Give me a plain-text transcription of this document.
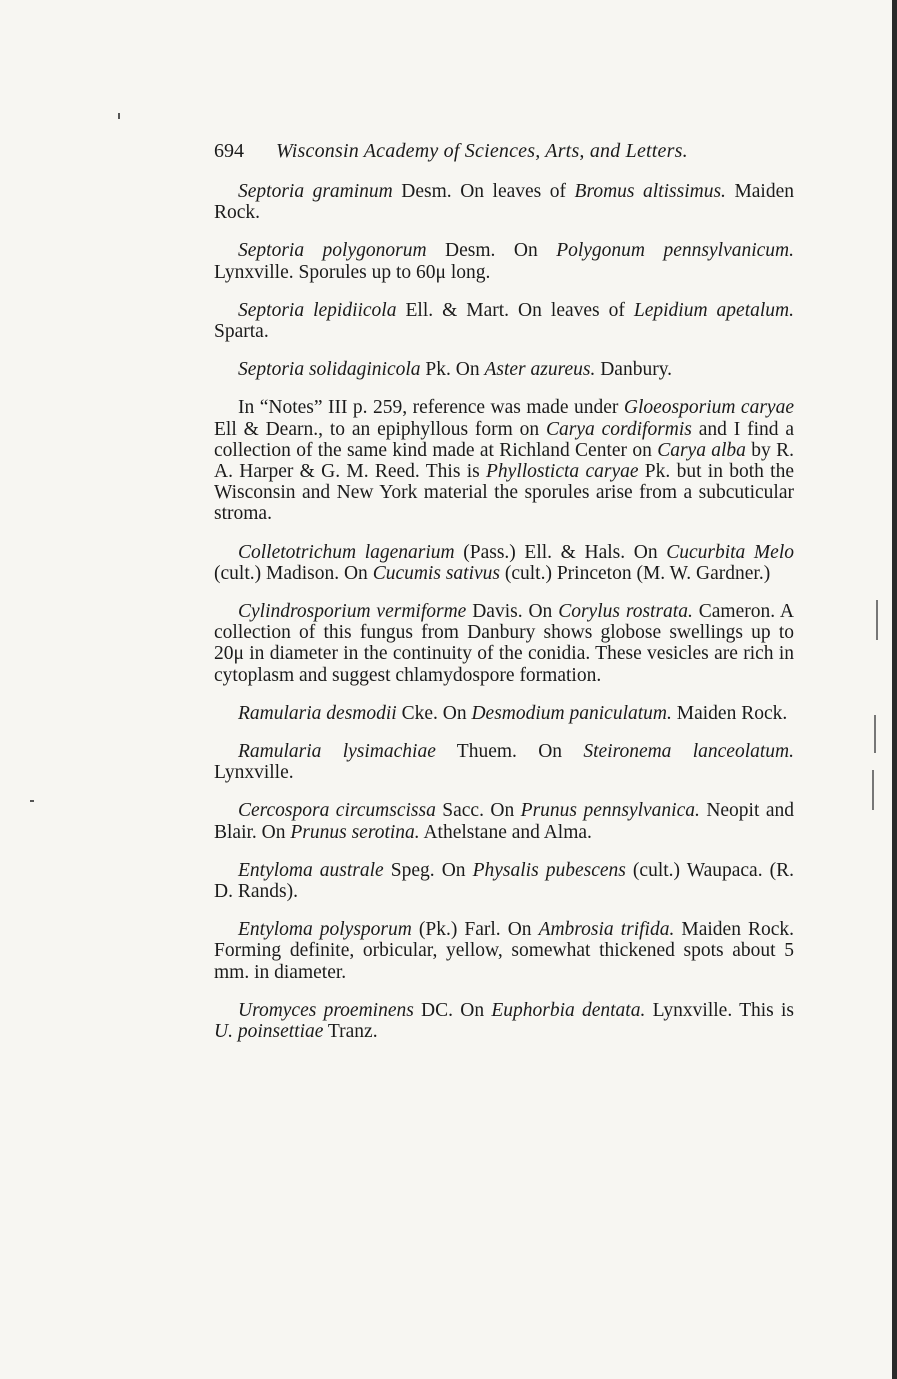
694	Wisconsin Academy of Sciences, Arts, and Letters.

Septoria graminum Desm. On leaves of Bromus altissimus. Maiden Rock.

Septoria polygonorum Desm. On Polygonum pennsylvanicum. Lynxville. Sporules up to 60μ long.

Septoria lepidiicola Ell. & Mart. On leaves of Lepidium apetalum. Sparta.

Septoria solidaginicola Pk. On Aster azureus. Danbury.

In “Notes” III p. 259, reference was made under Gloeosporium caryae Ell & Dearn., to an epiphyllous form on Carya cordiformis and I find a collection of the same kind made at Richland Center on Carya alba by R. A. Harper & G. M. Reed. This is Phyllosticta caryae Pk. but in both the Wisconsin and New York material the sporules arise from a subcuticular stroma.

Colletotrichum lagenarium (Pass.) Ell. & Hals. On Cucurbita Melo (cult.) Madison. On Cucumis sativus (cult.) Princeton (M. W. Gardner.)

Cylindrosporium vermiforme Davis. On Corylus rostrata. Cameron. A collection of this fungus from Danbury shows globose swellings up to 20μ in diameter in the continuity of the conidia. These vesicles are rich in cytoplasm and suggest chlamydospore formation.

Ramularia desmodii Cke. On Desmodium paniculatum. Maiden Rock.

Ramularia lysimachiae Thuem. On Steironema lanceolatum. Lynxville.

Cercospora circumscissa Sacc. On Prunus pennsylvanica. Neopit and Blair. On Prunus serotina. Athelstane and Alma.

Entyloma australe Speg. On Physalis pubescens (cult.) Waupaca. (R. D. Rands).

Entyloma polysporum (Pk.) Farl. On Ambrosia trifida. Maiden Rock. Forming definite, orbicular, yellow, somewhat thickened spots about 5 mm. in diameter.

Uromyces proeminens DC. On Euphorbia dentata. Lynxville. This is U. poinsettiae Tranz.
